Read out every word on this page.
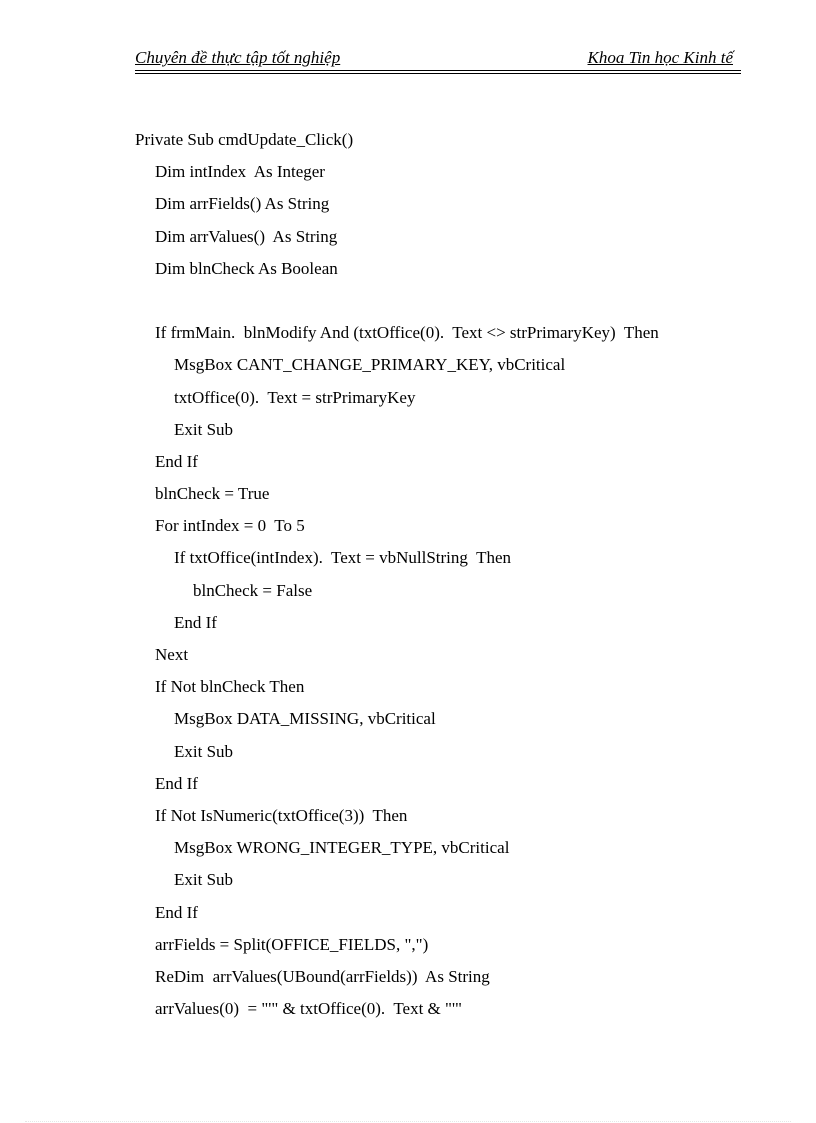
Chuyên đề thực tập tốt nghiệp	Khoa Tin học Kinh tế
Private Sub cmdUpdate_Click()
Dim intIndex  As Integer
Dim arrFields() As String
Dim arrValues()  As String
Dim blnCheck As Boolean
If frmMain.  blnModify And (txtOffice(0).  Text <> strPrimaryKey)  Then
MsgBox CANT_CHANGE_PRIMARY_KEY, vbCritical
txtOffice(0).  Text = strPrimaryKey
Exit Sub
End If
blnCheck = True
For intIndex = 0  To 5
If txtOffice(intIndex).  Text = vbNullString  Then
blnCheck = False
End If
Next
If Not blnCheck Then
MsgBox DATA_MISSING, vbCritical
Exit Sub
End If
If Not IsNumeric(txtOffice(3))  Then
MsgBox WRONG_INTEGER_TYPE, vbCritical
Exit Sub
End If
arrFields = Split(OFFICE_FIELDS, ",")
ReDim  arrValues(UBound(arrFields))  As String
arrValues(0)  = "'" & txtOffice(0).  Text & "'"
